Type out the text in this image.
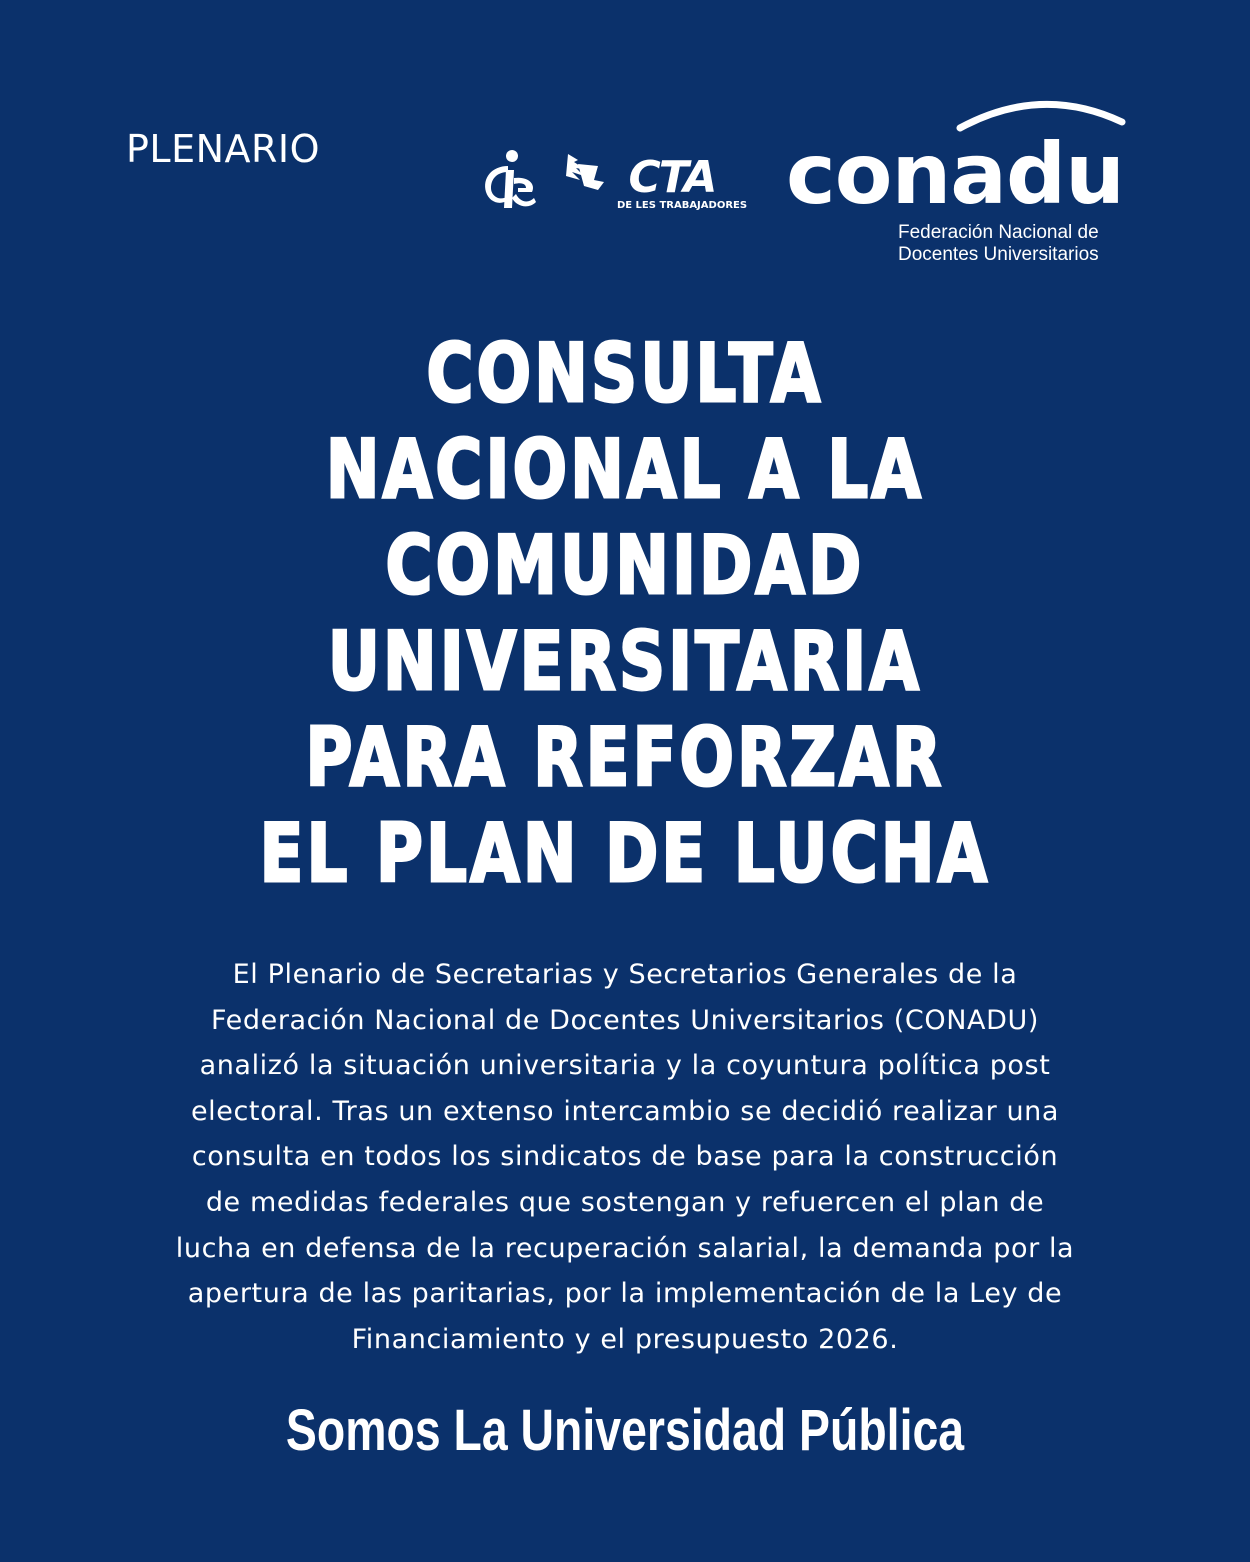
PLENARIO
CTA
DE LES TRABAJADORES conadu
Federación Nacional de
Docentes Universitarios
CONSULTA
NACIONAL A LA
COMUNIDAD
UNIVERSITARIA
PARA REFORZAR
EL PLAN DE LUCHA
El Plenario de Secretarias y Secretarios Generales de la
Federación Nacional de Docentes Universitarios (CONADU)
analizó la situación universitaria y la coyuntura política post
electoral. Tras un extenso intercambio se decidió realizar una
consulta en todos los sindicatos de base para la construcción
de medidas federales que sostengan y refuercen el plan de
lucha en defensa de la recuperación salarial, la demanda por la
apertura de las paritarias, por la implementación de la Ley de
Financiamiento y el presupuesto 2026.
Somos La Universidad Pública
